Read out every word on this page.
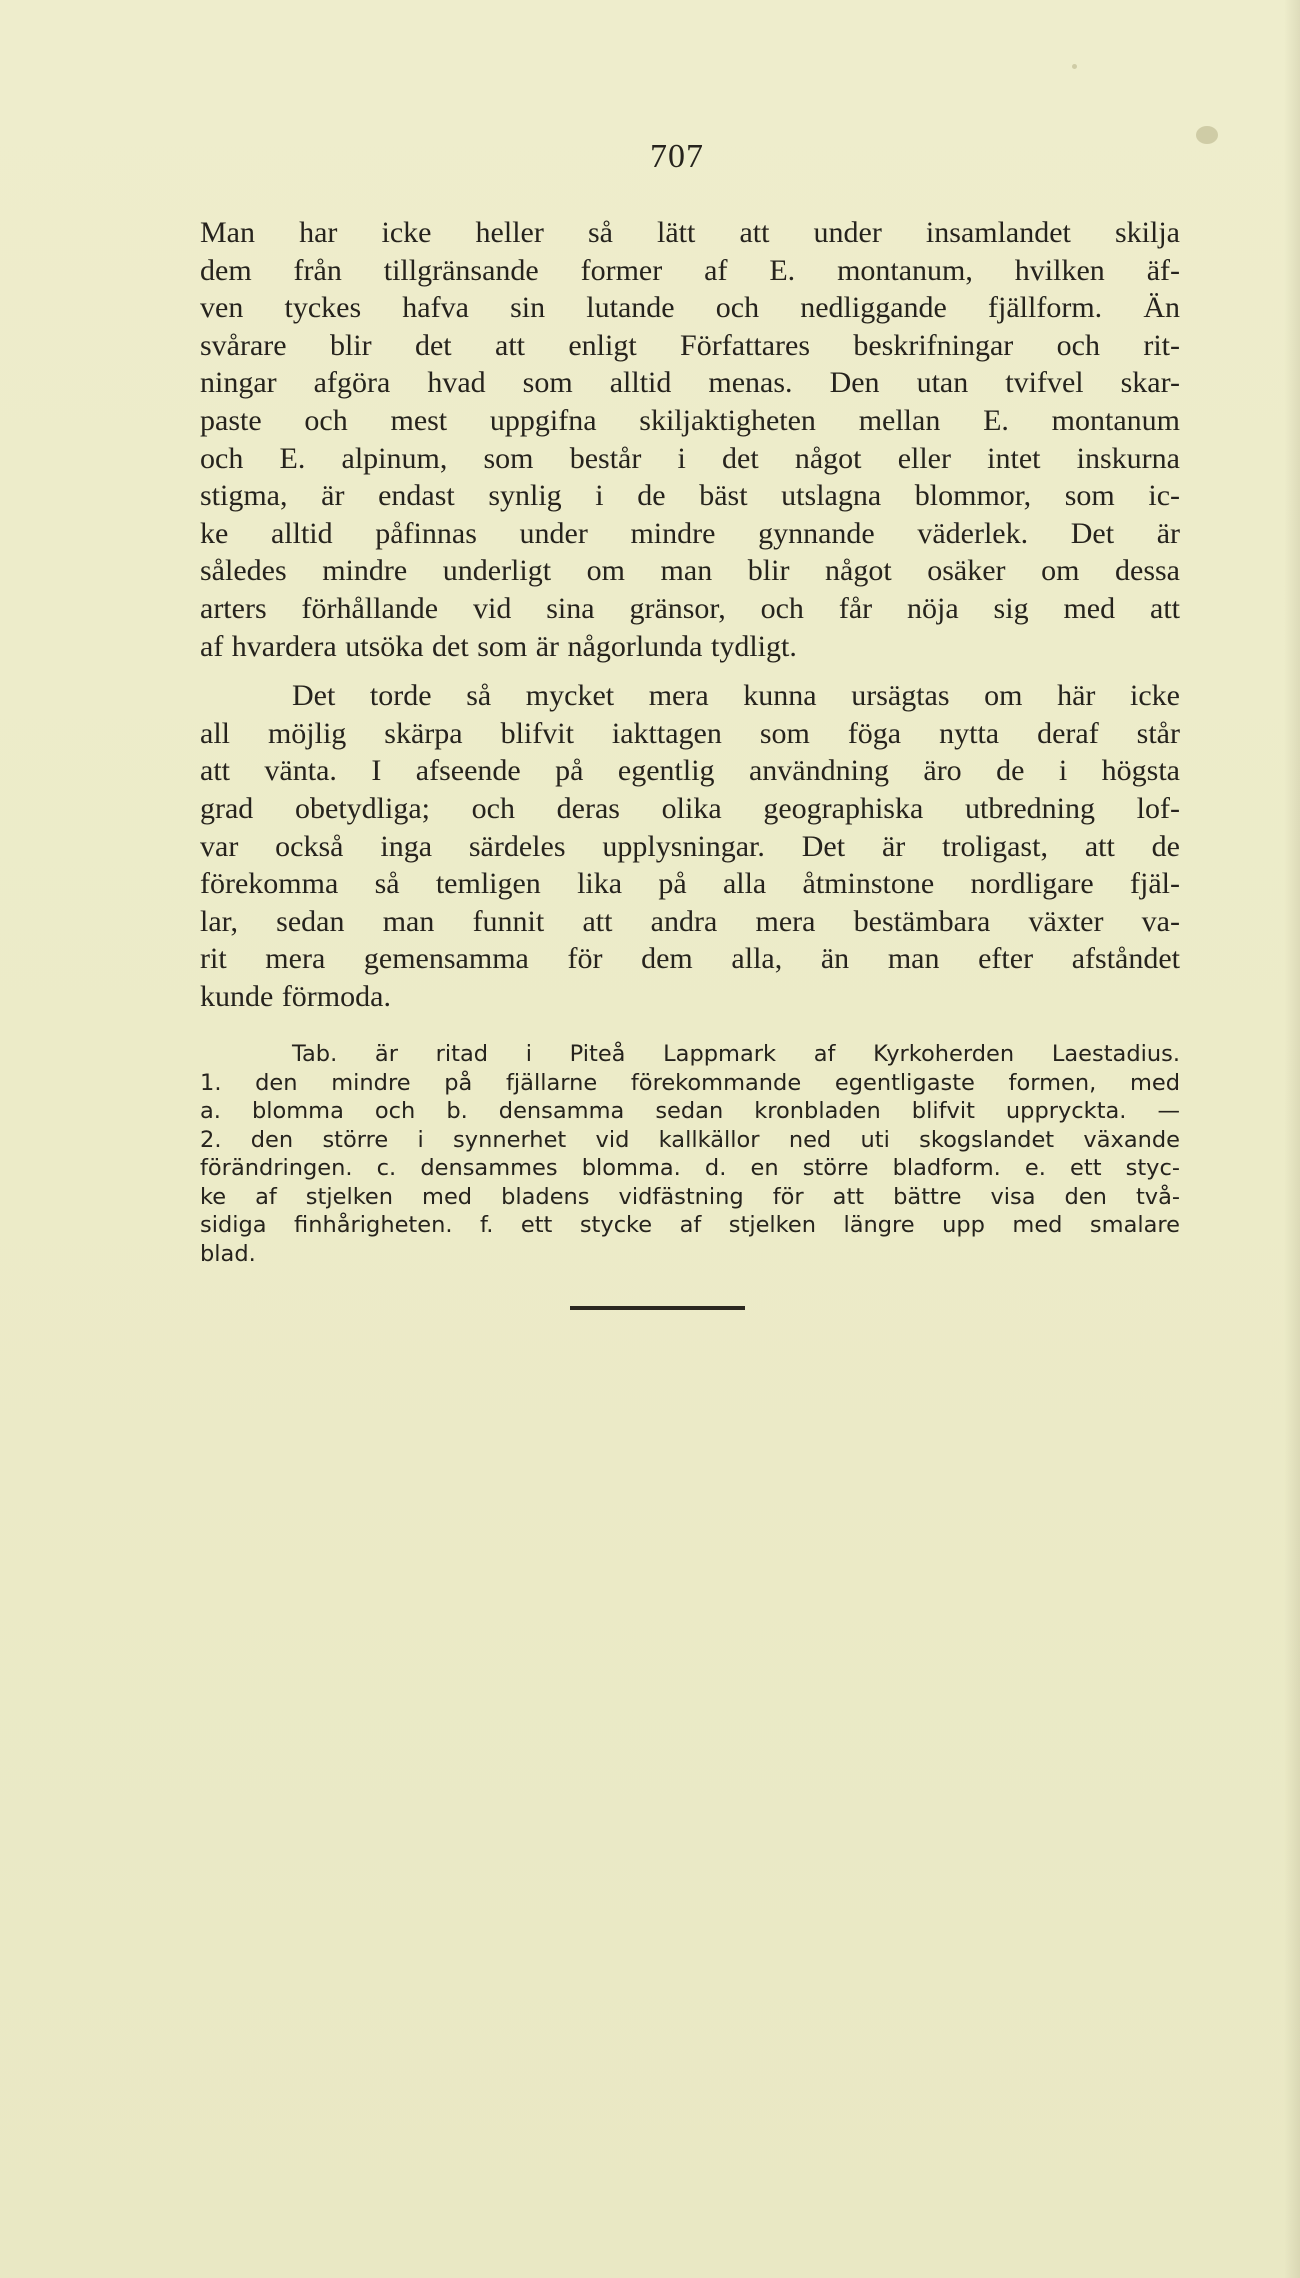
707
Man har icke heller så lätt att under insamlandet skilja
dem från tillgränsande former af E. montanum, hvilken äf-
ven tyckes hafva sin lutande och nedliggande fjällform. Än
svårare blir det att enligt Författares beskrifningar och rit-
ningar afgöra hvad som alltid menas. Den utan tvifvel skar-
paste och mest uppgifna skiljaktigheten mellan E. montanum
och E. alpinum, som består i det något eller intet inskurna
stigma, är endast synlig i de bäst utslagna blommor, som ic-
ke alltid påfinnas under mindre gynnande väderlek. Det är
således mindre underligt om man blir något osäker om dessa
arters förhållande vid sina gränsor, och får nöja sig med att
af hvardera utsöka det som är någorlunda tydligt.
Det torde så mycket mera kunna ursägtas om här icke
all möjlig skärpa blifvit iakttagen som föga nytta deraf står
att vänta. I afseende på egentlig användning äro de i högsta
grad obetydliga; och deras olika geographiska utbredning lof-
var också inga särdeles upplysningar. Det är troligast, att de
förekomma så temligen lika på alla åtminstone nordligare fjäl-
lar, sedan man funnit att andra mera bestämbara växter va-
rit mera gemensamma för dem alla, än man efter afståndet
kunde förmoda.
Tab. är ritad i Piteå Lappmark af Kyrkoherden Laestadius.
1. den mindre på fjällarne förekommande egentligaste formen, med
a. blomma och b. densamma sedan kronbladen blifvit uppryckta. —
2. den större i synnerhet vid kallkällor ned uti skogslandet växande
förändringen. c. densammes blomma. d. en större bladform. e. ett styc-
ke af stjelken med bladens vidfästning för att bättre visa den två-
sidiga finhårigheten. f. ett stycke af stjelken längre upp med smalare
blad.
